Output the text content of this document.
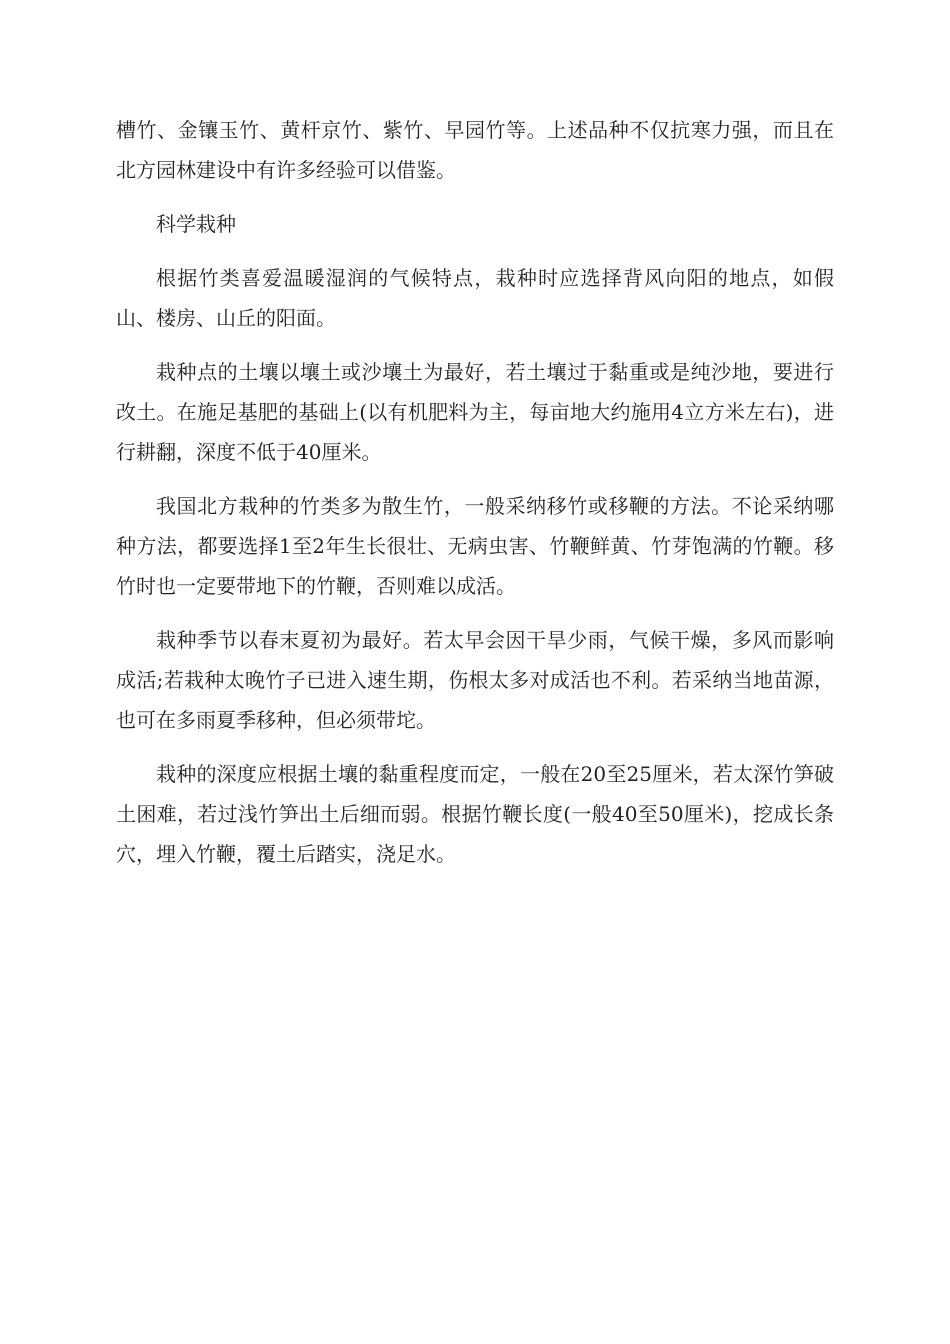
槽竹、金镶玉竹、黄杆京竹、紫竹、早园竹等。上述品种不仅抗寒力强，而且在北方园林建设中有许多经验可以借鉴。

科学栽种

根据竹类喜爱温暖湿润的气候特点，栽种时应选择背风向阳的地点，如假山、楼房、山丘的阳面。

栽种点的土壤以壤土或沙壤土为最好，若土壤过于黏重或是纯沙地，要进行改土。在施足基肥的基础上(以有机肥料为主，每亩地大约施用4立方米左右)，进行耕翻，深度不低于40厘米。

我国北方栽种的竹类多为散生竹，一般采纳移竹或移鞭的方法。不论采纳哪种方法，都要选择1至2年生长很壮、无病虫害、竹鞭鲜黄、竹芽饱满的竹鞭。移竹时也一定要带地下的竹鞭，否则难以成活。

栽种季节以春末夏初为最好。若太早会因干旱少雨，气候干燥，多风而影响成活;若栽种太晚竹子已进入速生期，伤根太多对成活也不利。若采纳当地苗源，也可在多雨夏季移种，但必须带坨。

栽种的深度应根据土壤的黏重程度而定，一般在20至25厘米，若太深竹笋破土困难，若过浅竹笋出土后细而弱。根据竹鞭长度(一般40至50厘米)，挖成长条穴，埋入竹鞭，覆土后踏实，浇足水。
